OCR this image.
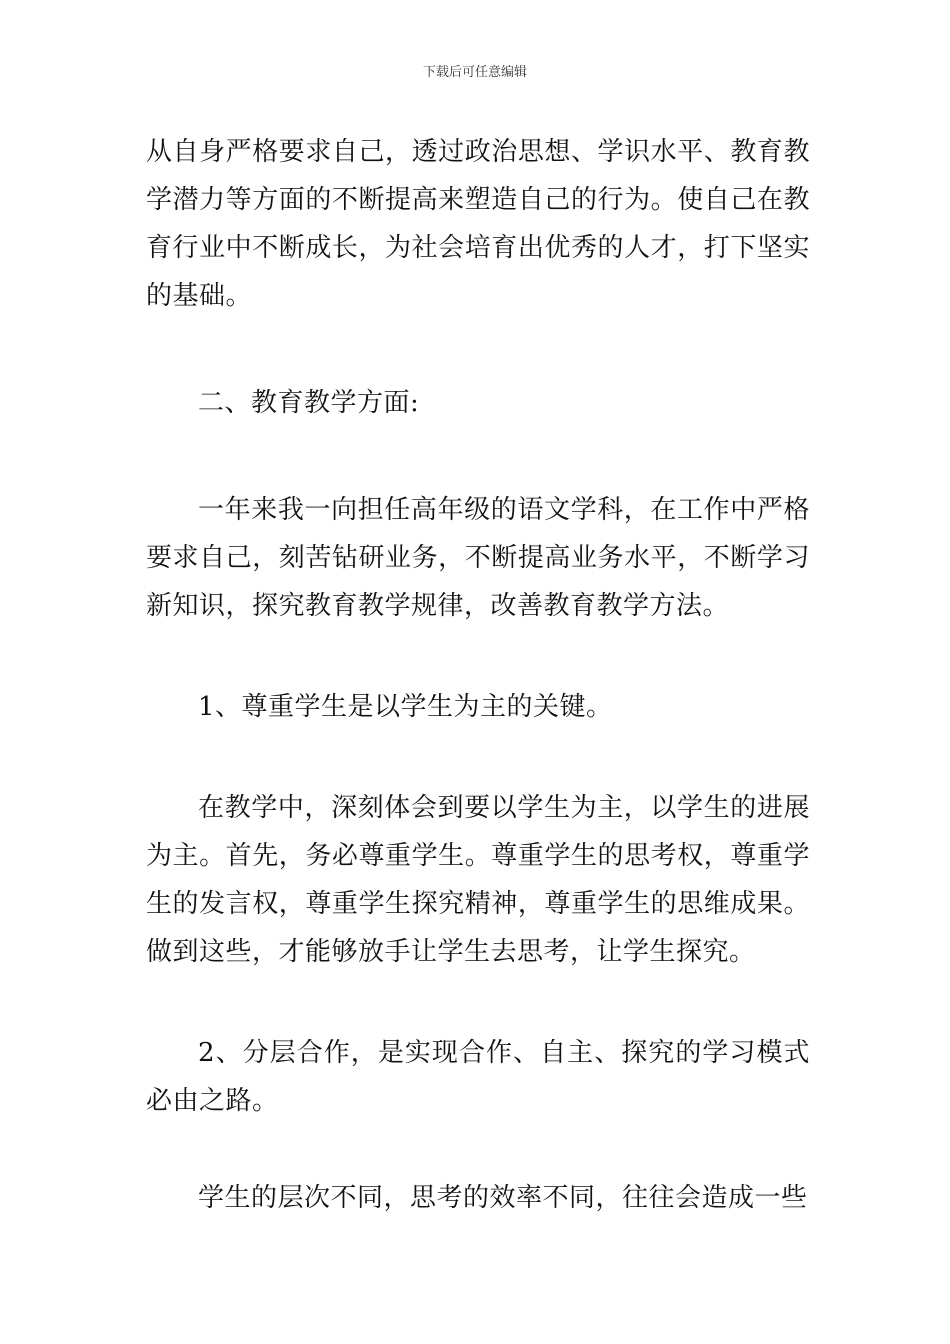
下载后可任意编辑

从自身严格要求自己，透过政治思想、学识水平、教育教学潜力等方面的不断提高来塑造自己的行为。使自己在教育行业中不断成长，为社会培育出优秀的人才，打下坚实的基础。

二、教育教学方面:

一年来我一向担任高年级的语文学科，在工作中严格要求自己，刻苦钻研业务，不断提高业务水平，不断学习新知识，探究教育教学规律，改善教育教学方法。

1、尊重学生是以学生为主的关键。

在教学中，深刻体会到要以学生为主，以学生的进展为主。首先，务必尊重学生。尊重学生的思考权，尊重学生的发言权，尊重学生探究精神，尊重学生的思维成果。做到这些，才能够放手让学生去思考，让学生探究。

2、分层合作，是实现合作、自主、探究的学习模式必由之路。

学生的层次不同，思考的效率不同，往往会造成一些
